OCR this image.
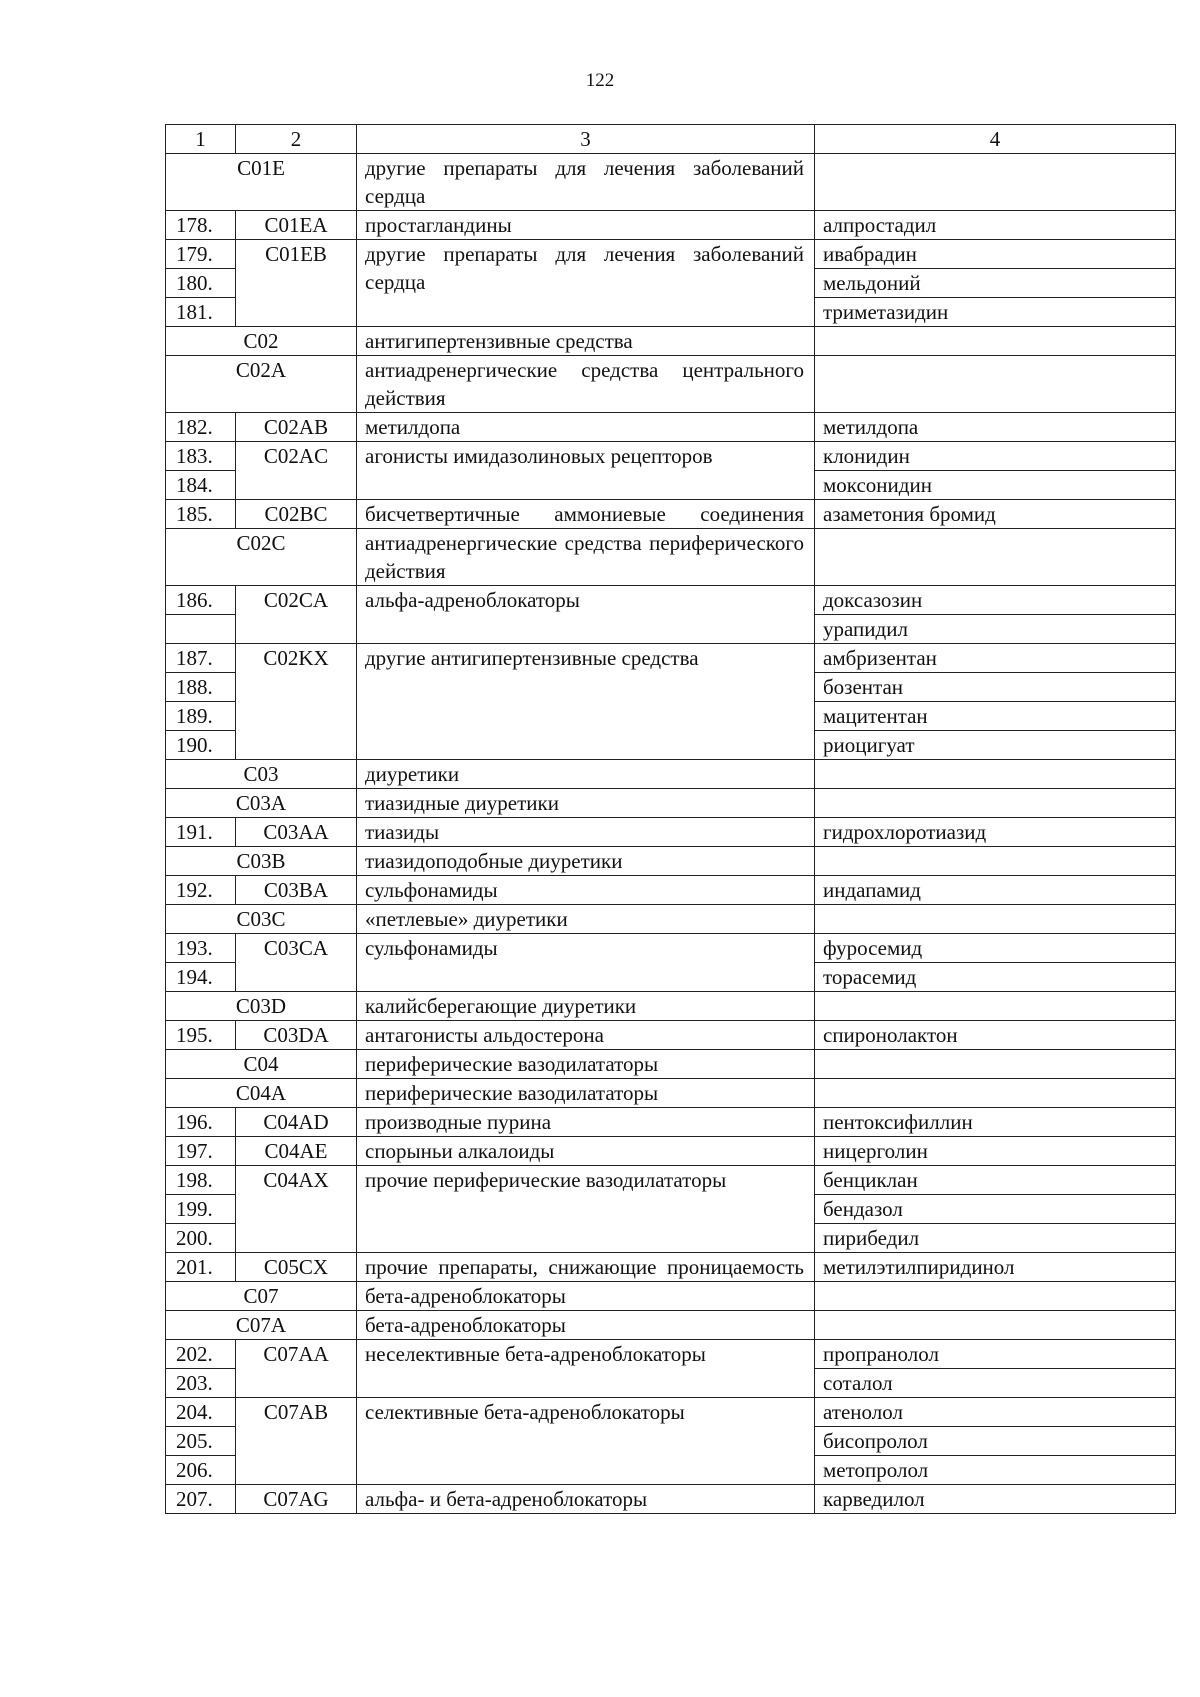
122
1	2	3	4
C01E		другие препараты для лечения заболеваний сердца	
178.	C01EA	простагландины	алпростадил
179.	C01EB	другие препараты для лечения заболеваний сердца	ивабрадин
180.			мельдоний
181.			триметазидин
C02		антигипертензивные средства	
C02A		антиадренергические средства центрального действия	
182.	C02AB	метилдопа	метилдопа
183.	C02AC	агонисты имидазолиновых рецепторов	клонидин
184.			моксонидин
185.	C02BC	бисчетвертичные аммониевые соединения	азаметония бромид
C02C		антиадренергические средства периферического действия	
186.	C02CA	альфа-адреноблокаторы	доксазозин
			урапидил
187.	C02KX	другие антигипертензивные средства	амбризентан
188.			бозентан
189.			мацитентан
190.			риоцигуат
C03		диуретики	
C03A		тиазидные диуретики	
191.	C03AA	тиазиды	гидрохлоротиазид
C03B		тиазидоподобные диуретики	
192.	C03BA	сульфонамиды	индапамид
C03C		«петлевые» диуретики	
193.	C03CA	сульфонамиды	фуросемид
194.			торасемид
C03D		калийсберегающие диуретики	
195.	C03DA	антагонисты альдостерона	спиронолактон
C04		периферические вазодилататоры	
C04A		периферические вазодилататоры	
196.	C04AD	производные пурина	пентоксифиллин
197.	C04AE	спорыньи алкалоиды	ницерголин
198.	C04AX	прочие периферические вазодилататоры	бенциклан
199.			бендазол
200.			пирибедил
201.	C05CX	прочие препараты, снижающие проницаемость	метилэтилпиридинол
C07		бета-адреноблокаторы	
C07A		бета-адреноблокаторы	
202.	C07AA	неселективные бета-адреноблокаторы	пропранолол
203.			соталол
204.	C07AB	селективные бета-адреноблокаторы	атенолол
205.			бисопролол
206.			метопролол
207.	C07AG	альфа- и бета-адреноблокаторы	карведилол
